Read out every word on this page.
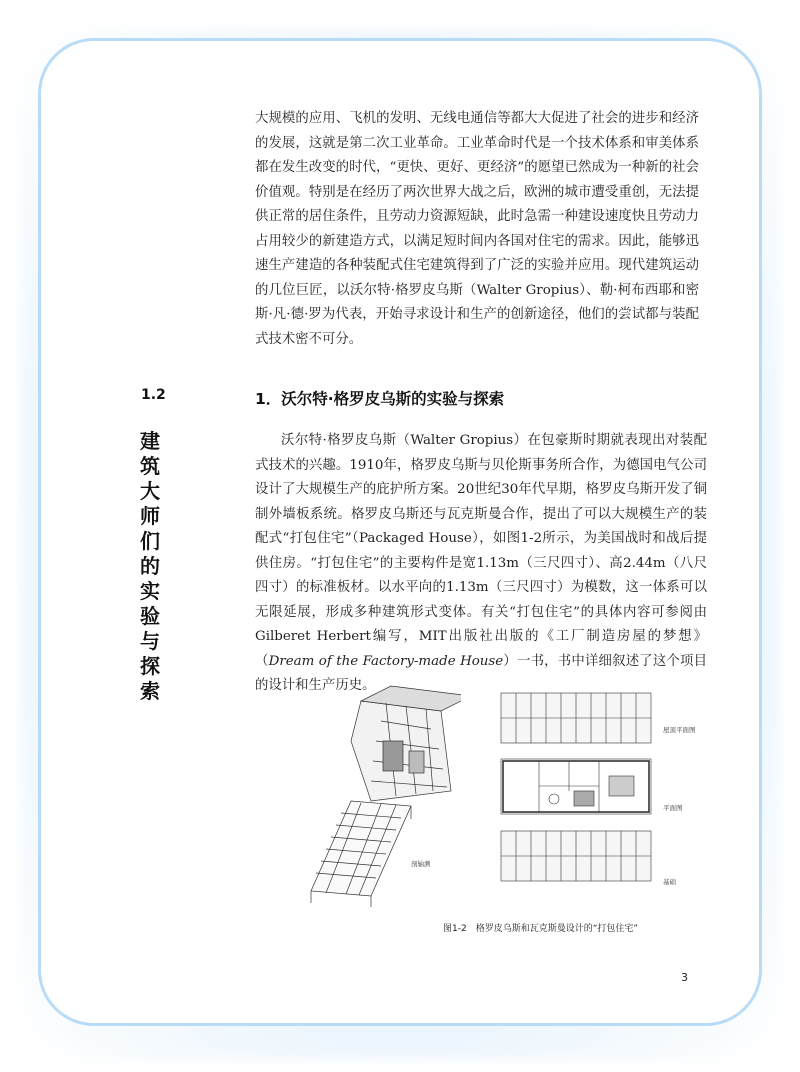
大规模的应用、飞机的发明、无线电通信等都大大促进了社会的进步和经济的发展，这就是第二次工业革命。工业革命时代是一个技术体系和审美体系都在发生改变的时代，“更快、更好、更经济”的愿望已然成为一种新的社会价值观。特别是在经历了两次世界大战之后，欧洲的城市遭受重创，无法提供正常的居住条件，且劳动力资源短缺，此时急需一种建设速度快且劳动力占用较少的新建造方式，以满足短时间内各国对住宅的需求。因此，能够迅速生产建造的各种装配式住宅建筑得到了广泛的实验并应用。现代建筑运动的几位巨匠，以沃尔特·格罗皮乌斯（Walter Gropius）、勒·柯布西耶和密斯·凡·德·罗为代表，开始寻求设计和生产的创新途径，他们的尝试都与装配式技术密不可分。

1.2
建筑大师们的实验与探索
1．沃尔特·格罗皮乌斯的实验与探索

沃尔特·格罗皮乌斯（Walter Gropius）在包豪斯时期就表现出对装配式技术的兴趣。1910年，格罗皮乌斯与贝伦斯事务所合作，为德国电气公司设计了大规模生产的庇护所方案。20世纪30年代早期，格罗皮乌斯开发了铜制外墙板系统。格罗皮乌斯还与瓦克斯曼合作，提出了可以大规模生产的装配式“打包住宅”（Packaged House），如图1-2所示，为美国战时和战后提供住房。“打包住宅”的主要构件是宽1.13m（三尺四寸）、高2.44m（八尺四寸）的标准板材。以水平向的1.13m（三尺四寸）为模数，这一体系可以无限延展，形成多种建筑形式变体。有关“打包住宅”的具体内容可参阅由Gilberet Herbert编写，MIT出版社出版的《工厂制造房屋的梦想》（Dream of the Factory-made House）一书，书中详细叙述了这个项目的设计和生产历史。

剖轴测
屋顶平面图
平面图
基础
图1-2　格罗皮乌斯和瓦克斯曼设计的“打包住宅”
3
